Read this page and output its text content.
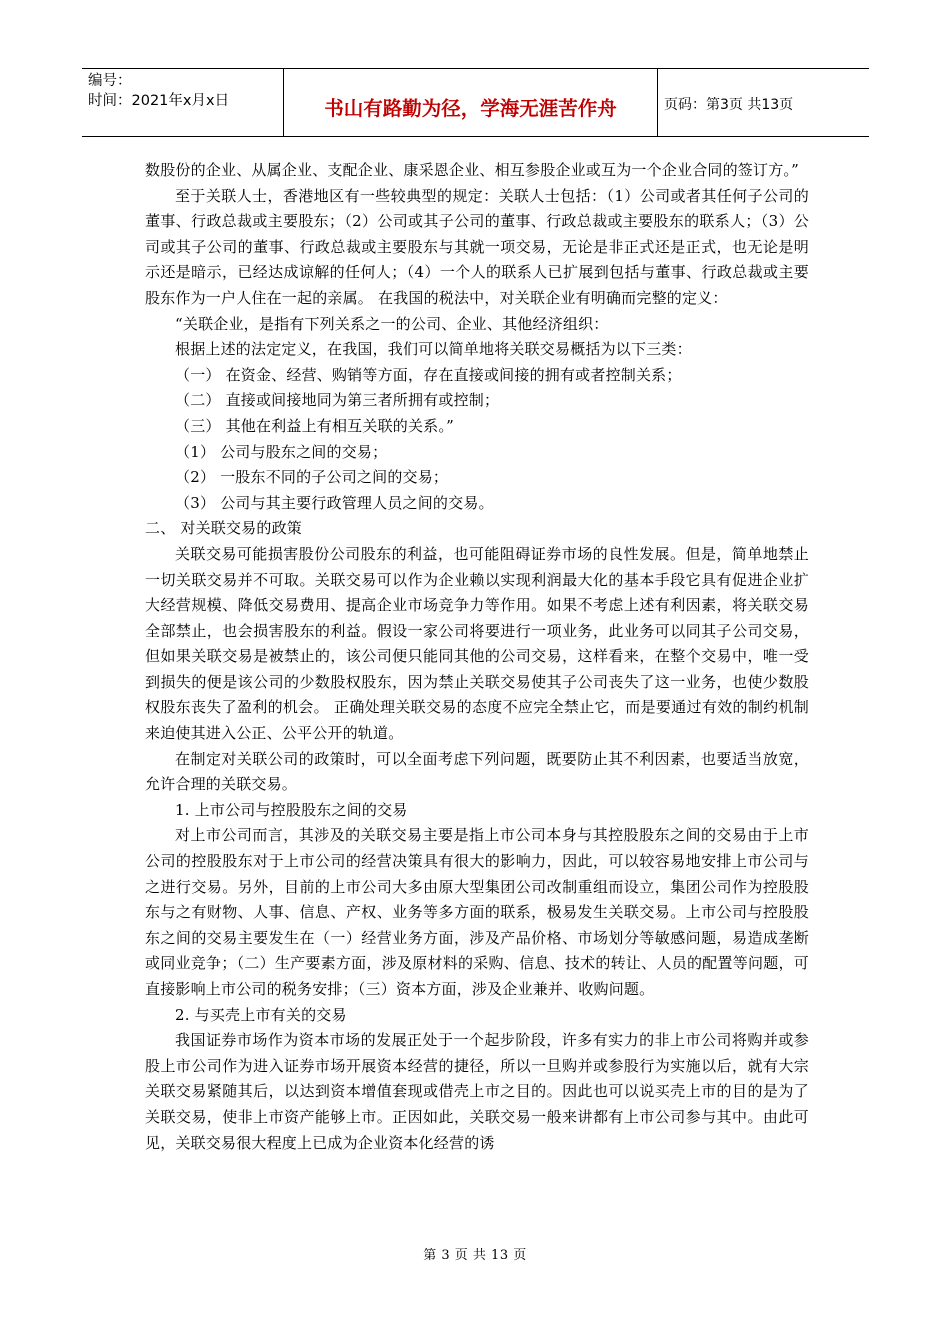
编号：
时间：2021年x月x日	书山有路勤为径，学海无涯苦作舟	页码：第3页 共13页

数股份的企业、从属企业、支配企业、康采恩企业、相互参股企业或互为一个企业合同的签订方。”

至于关联人士，香港地区有一些较典型的规定：关联人士包括：（1）公司或者其任何子公司的董事、行政总裁或主要股东；（2）公司或其子公司的董事、行政总裁或主要股东的联系人；（3）公司或其子公司的董事、行政总裁或主要股东与其就一项交易，无论是非正式还是正式，也无论是明示还是暗示，已经达成谅解的任何人；（4）一个人的联系人已扩展到包括与董事、行政总裁或主要股东作为一户人住在一起的亲属。 在我国的税法中，对关联企业有明确而完整的定义：

“关联企业，是指有下列关系之一的公司、企业、其他经济组织：

根据上述的法定定义，在我国，我们可以简单地将关联交易概括为以下三类：

（一） 在资金、经营、购销等方面，存在直接或间接的拥有或者控制关系；

（二） 直接或间接地同为第三者所拥有或控制；

（三） 其他在利益上有相互关联的关系。”

（1） 公司与股东之间的交易；

（2） 一股东不同的子公司之间的交易；

（3） 公司与其主要行政管理人员之间的交易。

二、 对关联交易的政策

关联交易可能损害股份公司股东的利益，也可能阻碍证券市场的良性发展。但是，简单地禁止一切关联交易并不可取。关联交易可以作为企业赖以实现利润最大化的基本手段它具有促进企业扩大经营规模、降低交易费用、提高企业市场竞争力等作用。如果不考虑上述有利因素，将关联交易全部禁止，也会损害股东的利益。假设一家公司将要进行一项业务，此业务可以同其子公司交易，但如果关联交易是被禁止的，该公司便只能同其他的公司交易，这样看来，在整个交易中，唯一受到损失的便是该公司的少数股权股东，因为禁止关联交易使其子公司丧失了这一业务，也使少数股权股东丧失了盈利的机会。 正确处理关联交易的态度不应完全禁止它，而是要通过有效的制约机制来迫使其进入公正、公平公开的轨道。

在制定对关联公司的政策时，可以全面考虑下列问题，既要防止其不利因素，也要适当放宽，允许合理的关联交易。

1. 上市公司与控股股东之间的交易

对上市公司而言，其涉及的关联交易主要是指上市公司本身与其控股股东之间的交易由于上市公司的控股股东对于上市公司的经营决策具有很大的影响力，因此，可以较容易地安排上市公司与之进行交易。另外，目前的上市公司大多由原大型集团公司改制重组而设立，集团公司作为控股股东与之有财物、人事、信息、产权、业务等多方面的联系，极易发生关联交易。上市公司与控股股东之间的交易主要发生在（一）经营业务方面，涉及产品价格、市场划分等敏感问题，易造成垄断或同业竞争；（二）生产要素方面，涉及原材料的采购、信息、技术的转让、人员的配置等问题，可直接影响上市公司的税务安排；（三）资本方面，涉及企业兼并、收购问题。

2. 与买壳上市有关的交易

我国证券市场作为资本市场的发展正处于一个起步阶段，许多有实力的非上市公司将购并或参股上市公司作为进入证券市场开展资本经营的捷径，所以一旦购并或参股行为实施以后，就有大宗关联交易紧随其后，以达到资本增值套现或借壳上市之目的。因此也可以说买壳上市的目的是为了关联交易，使非上市资产能够上市。正因如此，关联交易一般来讲都有上市公司参与其中。由此可见，关联交易很大程度上已成为企业资本化经营的诱

第 3 页 共 13 页
